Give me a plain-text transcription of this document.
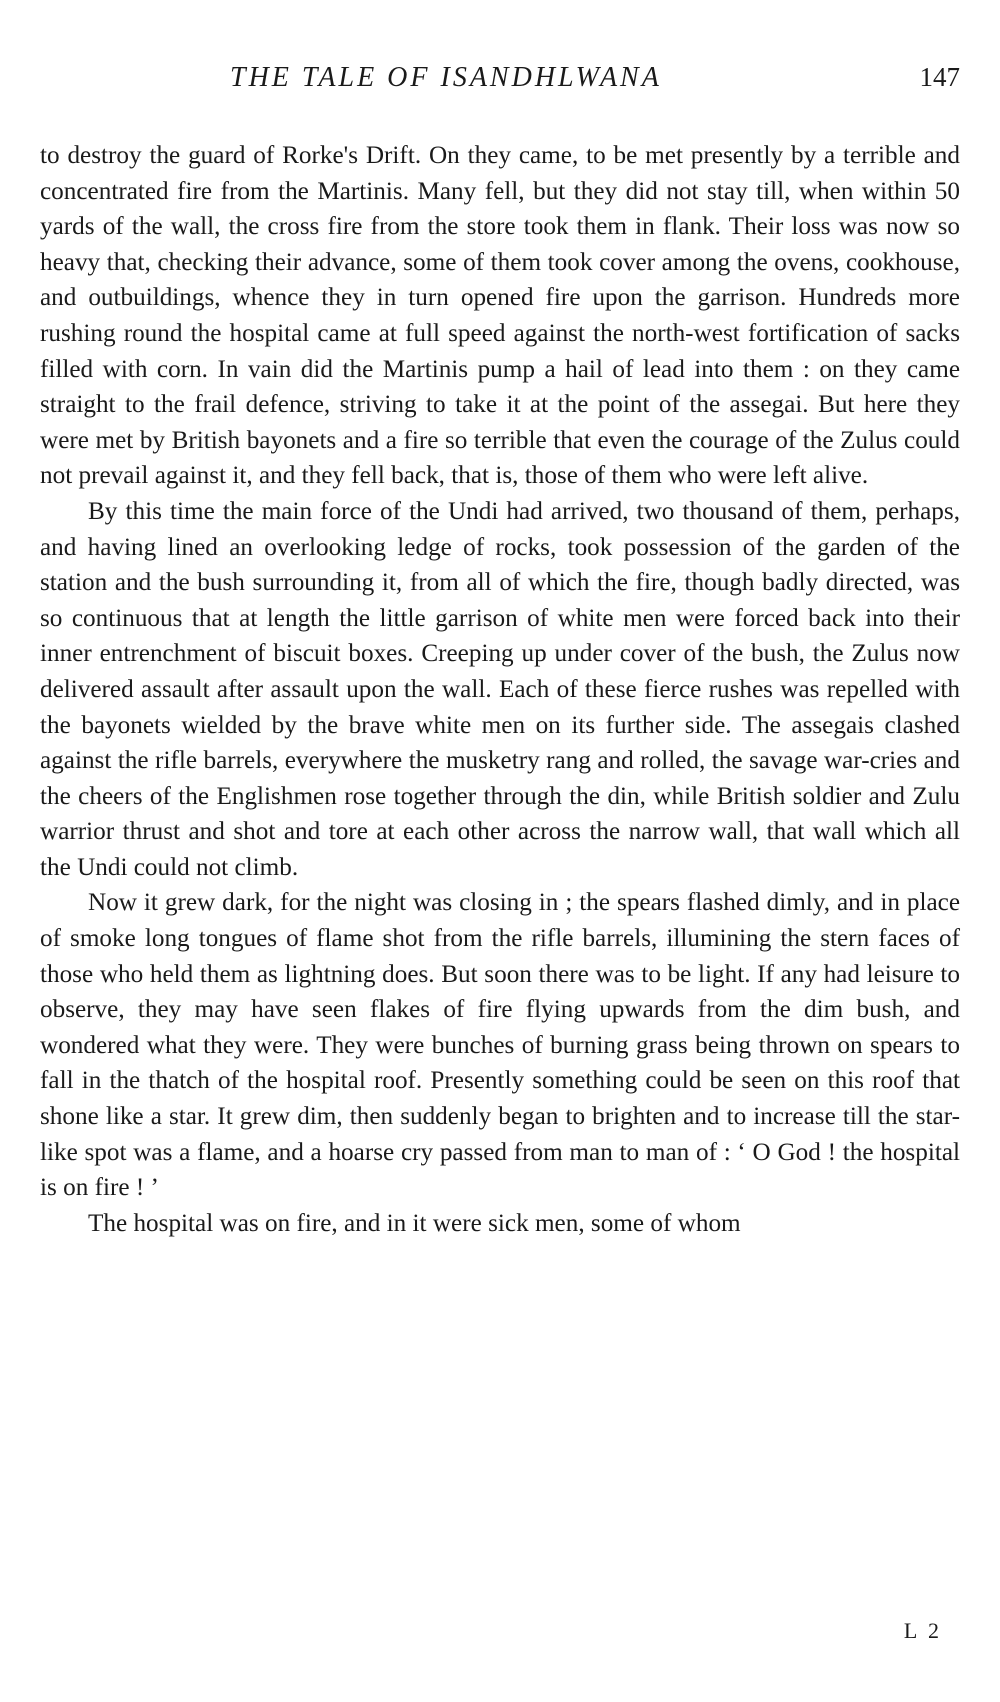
THE TALE OF ISANDHLWANA	147

to destroy the guard of Rorke's Drift. On they came, to be met presently by a terrible and concentrated fire from the Martinis. Many fell, but they did not stay till, when within 50 yards of the wall, the cross fire from the store took them in flank. Their loss was now so heavy that, checking their advance, some of them took cover among the ovens, cookhouse, and outbuildings, whence they in turn opened fire upon the garrison. Hundreds more rushing round the hospital came at full speed against the north-west fortification of sacks filled with corn. In vain did the Martinis pump a hail of lead into them : on they came straight to the frail defence, striving to take it at the point of the assegai. But here they were met by British bayonets and a fire so terrible that even the courage of the Zulus could not prevail against it, and they fell back, that is, those of them who were left alive.

By this time the main force of the Undi had arrived, two thousand of them, perhaps, and having lined an overlooking ledge of rocks, took possession of the garden of the station and the bush surrounding it, from all of which the fire, though badly directed, was so continuous that at length the little garrison of white men were forced back into their inner entrenchment of biscuit boxes. Creeping up under cover of the bush, the Zulus now delivered assault after assault upon the wall. Each of these fierce rushes was repelled with the bayonets wielded by the brave white men on its further side. The assegais clashed against the rifle barrels, everywhere the musketry rang and rolled, the savage war-cries and the cheers of the Englishmen rose together through the din, while British soldier and Zulu warrior thrust and shot and tore at each other across the narrow wall, that wall which all the Undi could not climb.

Now it grew dark, for the night was closing in ; the spears flashed dimly, and in place of smoke long tongues of flame shot from the rifle barrels, illumining the stern faces of those who held them as lightning does. But soon there was to be light. If any had leisure to observe, they may have seen flakes of fire flying upwards from the dim bush, and wondered what they were. They were bunches of burning grass being thrown on spears to fall in the thatch of the hospital roof. Presently something could be seen on this roof that shone like a star. It grew dim, then suddenly began to brighten and to increase till the star-like spot was a flame, and a hoarse cry passed from man to man of : ‘ O God ! the hospital is on fire ! ’

The hospital was on fire, and in it were sick men, some of whom

L 2
